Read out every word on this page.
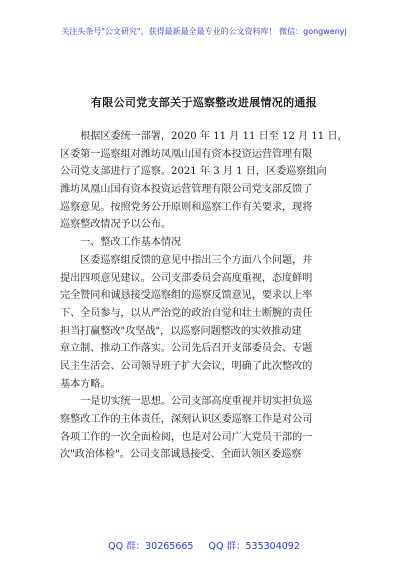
关注头条号"公文研究"，获得最新最全最专业的公文资料库！ 微信：gongwenyj
有限公司党支部关于巡察整改进展情况的通报
　　根据区委统一部署，2020 年 11 月 11 日至 12 月 11 日，
区委第一巡察组对潍坊凤凰山国有资本投资运营管理有限
公司党支部进行了巡察。2021 年 3 月 1 日，区委巡察组向
潍坊凤凰山国有资本投资运营管理有限公司党支部反馈了
巡察意见。按照党务公开原则和巡察工作有关要求，现将
巡察整改情况予以公布。
　　一、整改工作基本情况
　　区委巡察组反馈的意见中指出三个方面八个问题，并
提出四项意见建议。公司支部委员会高度重视，态度鲜明
完全赞同和诚恳接受巡察组的巡察反馈意见，要求以上率
下、全员参与，以从严治党的政治自觉和壮士断腕的责任
担当打赢整改"攻坚战"，以巡察问题整改的实效推动建
章立制、推动工作落实。公司先后召开支部委员会、专题
民主生活会、公司领导班子扩大会议，明确了此次整改的
基本方略。
　　一是切实统一思想。公司支部高度重视并切实担负巡
察整改工作的主体责任，深刻认识区委巡察工作是对公司
各项工作的一次全面检阅，也是对公司广大党员干部的一
次"政治体检"。公司支部诚恳接受、全面认领区委巡察
QQ 群：30265665 QQ 群：535304092
